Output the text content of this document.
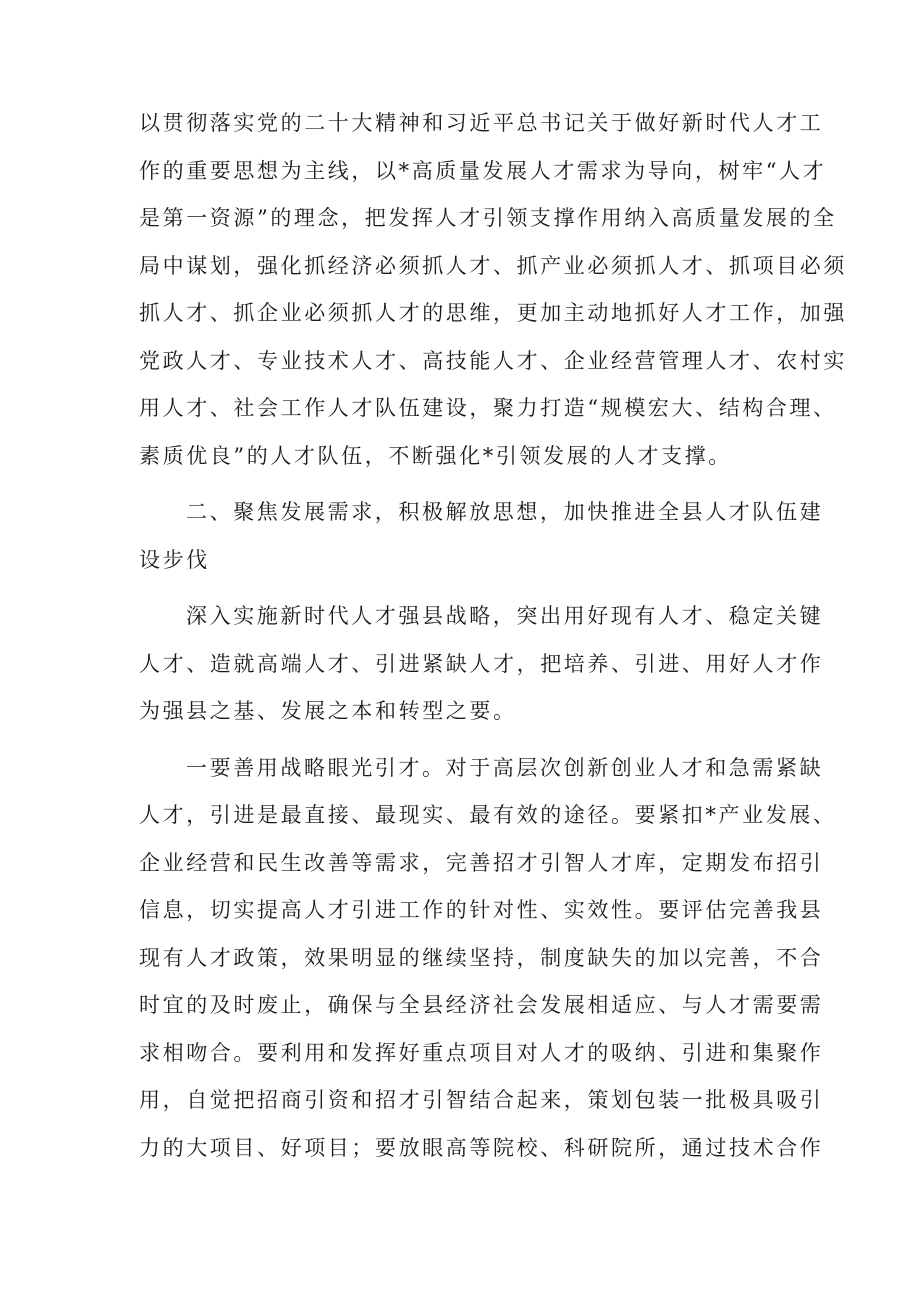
以贯彻落实党的二十大精神和习近平总书记关于做好新时代人才工
作的重要思想为主线，以*高质量发展人才需求为导向，树牢“人才
是第一资源”的理念，把发挥人才引领支撑作用纳入高质量发展的全
局中谋划，强化抓经济必须抓人才、抓产业必须抓人才、抓项目必须
抓人才、抓企业必须抓人才的思维，更加主动地抓好人才工作，加强
党政人才、专业技术人才、高技能人才、企业经营管理人才、农村实
用人才、社会工作人才队伍建设，聚力打造“规模宏大、结构合理、
素质优良”的人才队伍，不断强化*引领发展的人才支撑。

二、聚焦发展需求，积极解放思想，加快推进全县人才队伍建
设步伐

深入实施新时代人才强县战略，突出用好现有人才、稳定关键
人才、造就高端人才、引进紧缺人才，把培养、引进、用好人才作
为强县之基、发展之本和转型之要。

一要善用战略眼光引才。对于高层次创新创业人才和急需紧缺
人才，引进是最直接、最现实、最有效的途径。要紧扣*产业发展、
企业经营和民生改善等需求，完善招才引智人才库，定期发布招引
信息，切实提高人才引进工作的针对性、实效性。要评估完善我县
现有人才政策，效果明显的继续坚持，制度缺失的加以完善，不合
时宜的及时废止，确保与全县经济社会发展相适应、与人才需要需
求相吻合。要利用和发挥好重点项目对人才的吸纳、引进和集聚作
用，自觉把招商引资和招才引智结合起来，策划包装一批极具吸引
力的大项目、好项目；要放眼高等院校、科研院所，通过技术合作
